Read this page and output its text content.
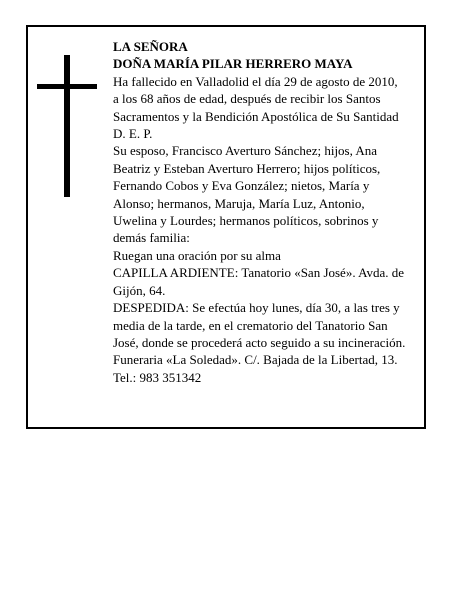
LA SEÑORA

DOÑA MARÍA PILAR HERRERO MAYA

Ha fallecido en Valladolid el día 29 de agosto de 2010,

a los 68 años de edad, después de recibir los Santos

Sacramentos y la Bendición Apostólica de Su Santidad

D. E. P.

Su esposo, Francisco Averturo Sánchez; hijos, Ana

Beatriz y Esteban Averturo Herrero; hijos políticos,

Fernando Cobos y Eva González; nietos, María y

Alonso; hermanos, Maruja, María Luz, Antonio,

Uwelina y Lourdes; hermanos políticos, sobrinos y

demás familia:

Ruegan una oración por su alma

CAPILLA ARDIENTE: Tanatorio «San José». Avda. de

Gijón, 64.

DESPEDIDA: Se efectúa hoy lunes, día 30, a las tres y

media de la tarde, en el crematorio del Tanatorio San

José, donde se procederá acto seguido a su incineración.

Funeraria «La Soledad». C/. Bajada de la Libertad, 13.

Tel.: 983 351342
